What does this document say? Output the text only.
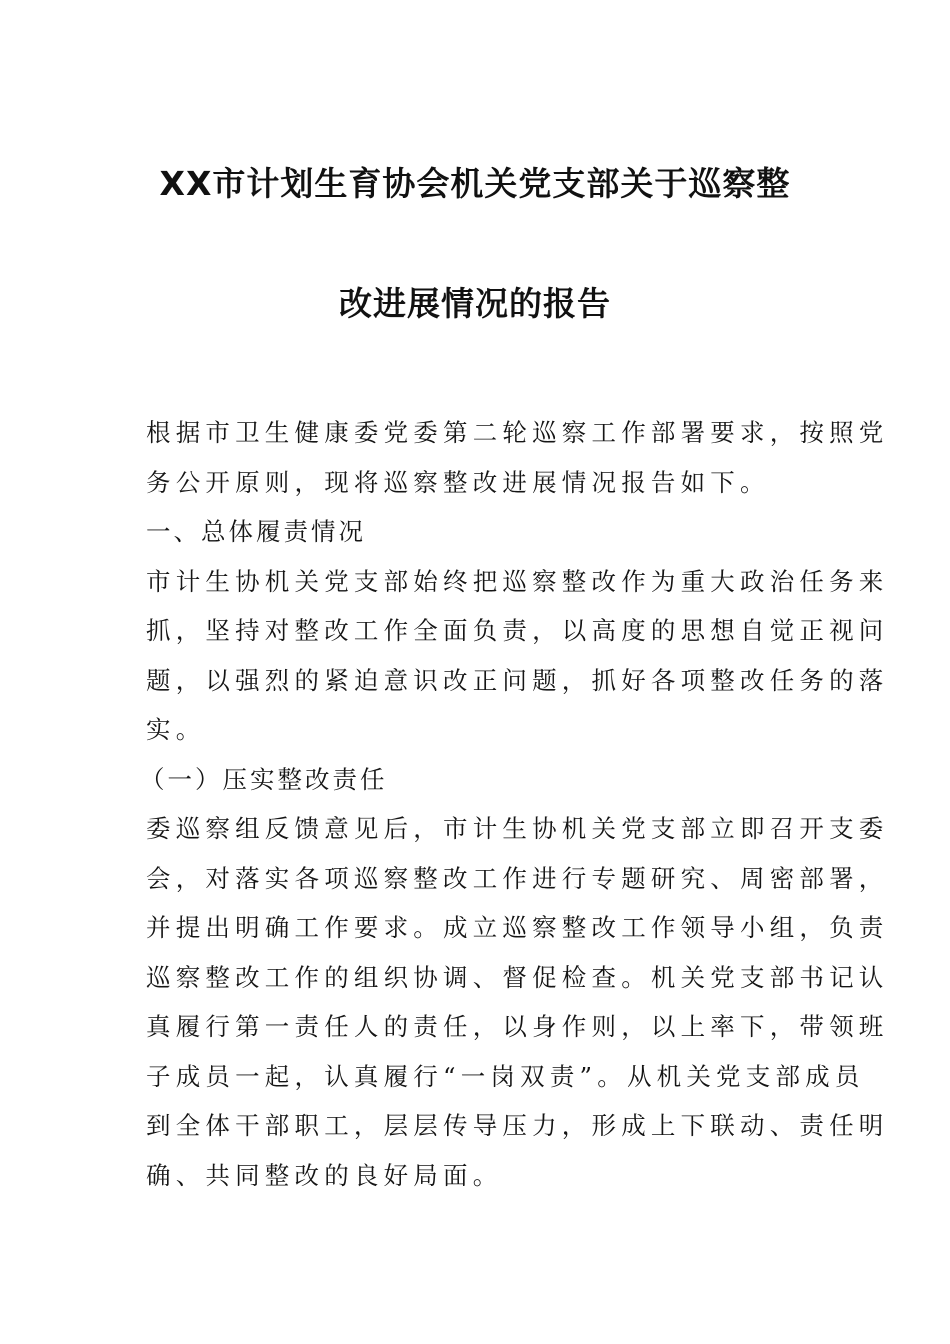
XX市计划生育协会机关党支部关于巡察整
改进展情况的报告
根据市卫生健康委党委第二轮巡察工作部署要求，按照党
务公开原则，现将巡察整改进展情况报告如下。
一、总体履责情况
市计生协机关党支部始终把巡察整改作为重大政治任务来
抓，坚持对整改工作全面负责，以高度的思想自觉正视问
题，以强烈的紧迫意识改正问题，抓好各项整改任务的落
实。
（一）压实整改责任
委巡察组反馈意见后，市计生协机关党支部立即召开支委
会，对落实各项巡察整改工作进行专题研究、周密部署，
并提出明确工作要求。成立巡察整改工作领导小组，负责
巡察整改工作的组织协调、督促检查。机关党支部书记认
真履行第一责任人的责任，以身作则，以上率下，带领班
子成员一起，认真履行“一岗双责”。从机关党支部成员
到全体干部职工，层层传导压力，形成上下联动、责任明
确、共同整改的良好局面。
